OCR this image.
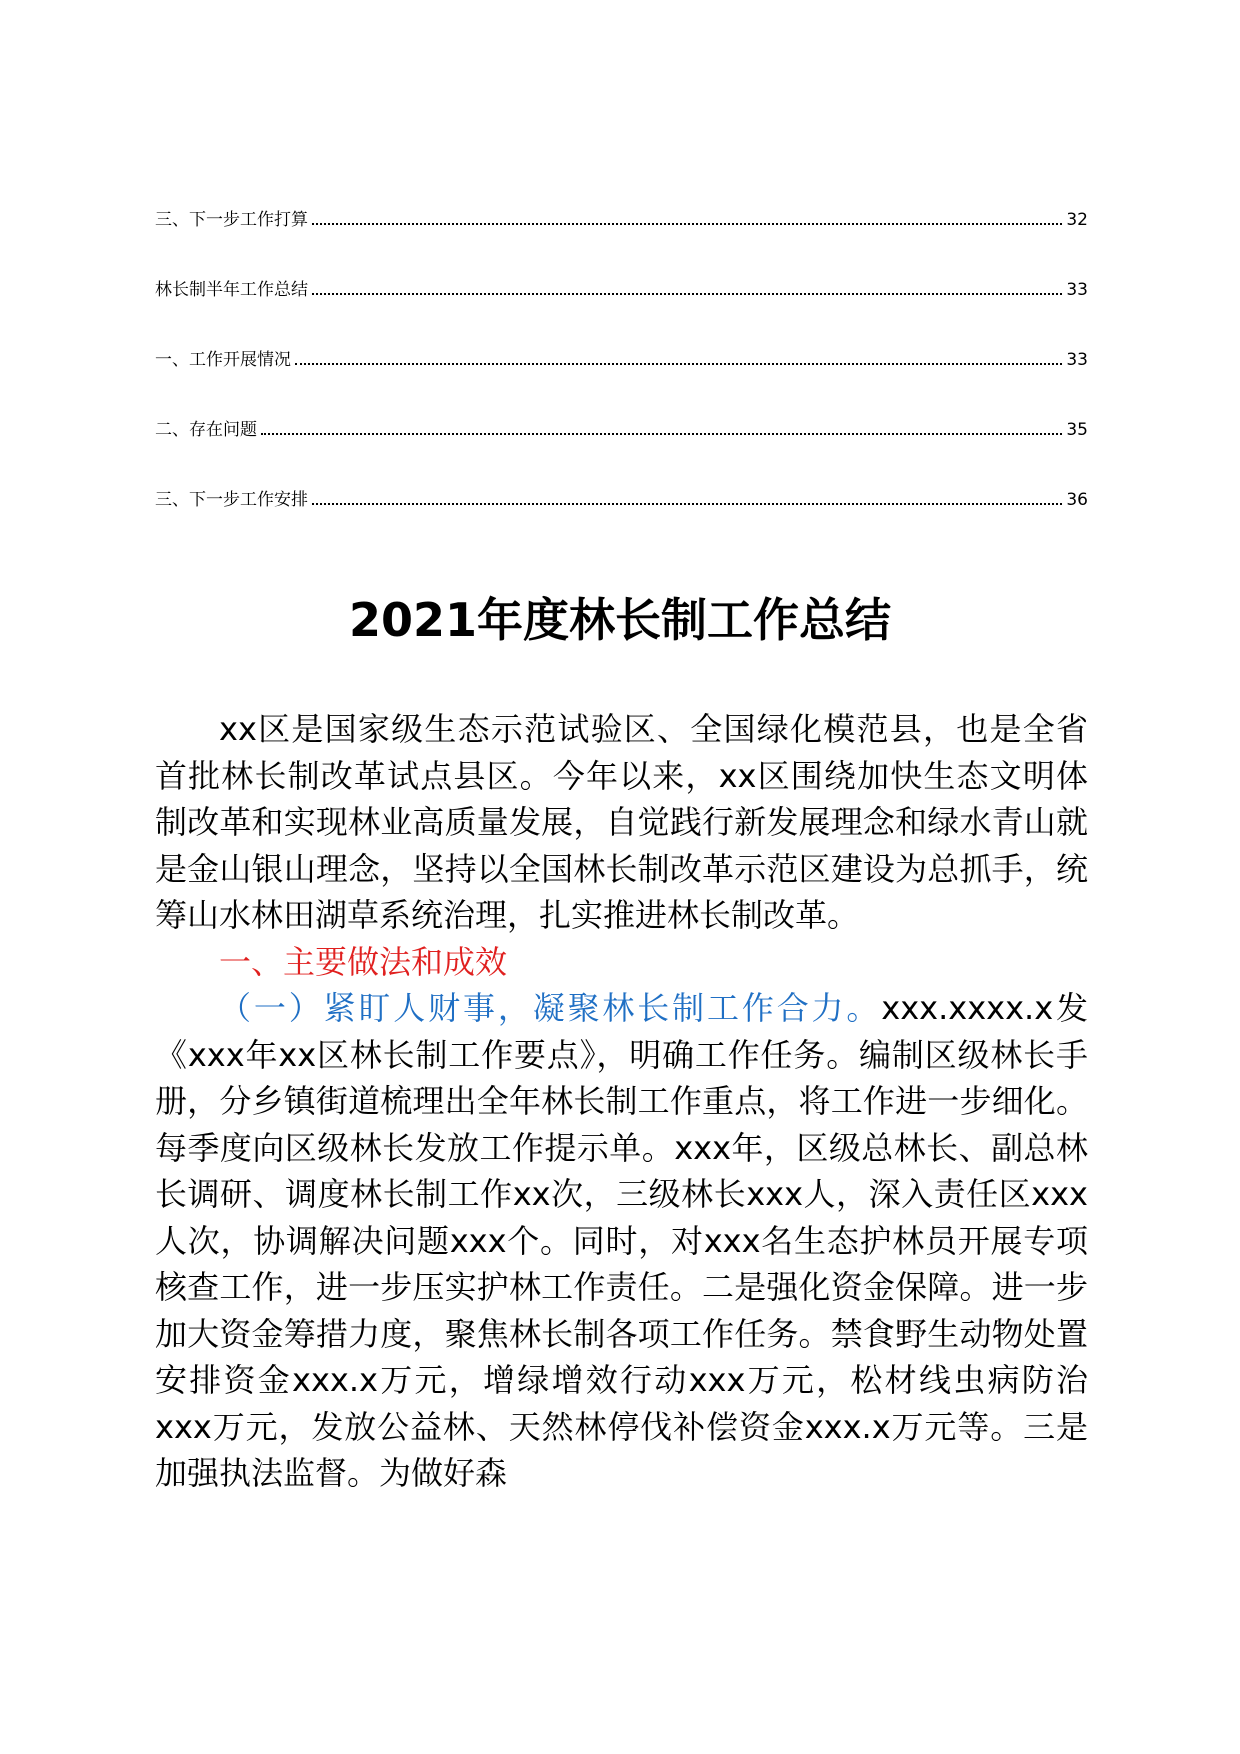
三、下一步工作打算	32
林长制半年工作总结	33
一、工作开展情况	33
二、存在问题	35
三、下一步工作安排	36
2021年度林长制工作总结

xx区是国家级生态示范试验区、全国绿化模范县，也是全省首批林长制改革试点县区。今年以来，xx区围绕加快生态文明体制改革和实现林业高质量发展，自觉践行新发展理念和绿水青山就是金山银山理念，坚持以全国林长制改革示范区建设为总抓手，统筹山水林田湖草系统治理，扎实推进林长制改革。

一、主要做法和成效

（一）紧盯人财事，凝聚林长制工作合力。xxx.xxxx.x发《xxx年xx区林长制工作要点》，明确工作任务。编制区级林长手册，分乡镇街道梳理出全年林长制工作重点，将工作进一步细化。每季度向区级林长发放工作提示单。xxx年，区级总林长、副总林长调研、调度林长制工作xx次，三级林长xxx人，深入责任区xxx人次，协调解决问题xxx个。同时，对xxx名生态护林员开展专项核查工作，进一步压实护林工作责任。二是强化资金保障。进一步加大资金筹措力度，聚焦林长制各项工作任务。禁食野生动物处置安排资金xxx.x万元，增绿增效行动xxx万元，松材线虫病防治xxx万元，发放公益林、天然林停伐补偿资金xxx.x万元等。三是加强执法监督。为做好森
